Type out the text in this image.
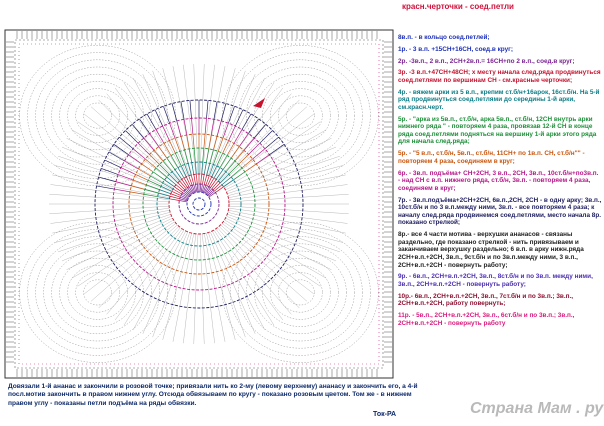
красн.черточки - соед.петли
8в.п. - в кольцо соед.петлей;
1р. - 3 в.п. +15СН+16СН, соед.в круг;
2р. -3в.п., 2 в.п., 2СН+2в.п.= 16СН+по 2 в.п., соед.в круг;
3р. -3 в.п.+47СН+48СН; х месту начала след.ряда продвинуться соед.петлями по вершинам СН - см.красные черточки;
4р. - вяжем арки из 5 в.п., крепим ст.б/н+16арок, 16ст.б/н. На 5-й ряд продвинуться соед.петлями до середины 1-й арки, см.красн.черт.
5р. - "арка из 5в.п., ст.б/н, арка 5в.п., ст.б/н, 12СН внутрь арки нижнего ряда " - повторяем 4 раза, провязав 12-й СН в конце ряда соед.петлями подняться на вершину 1-й арки этого ряда для начала след.ряда;
5р. - "5 в.п., ст.б/н, 5в.п., ст.б/н, 11СН+ по 1в.п. СН, ст.б/н"" - повторяем 4 раза, соединяем в круг;
6р. - 3в.п. подъёма+ СН+2СН, 3 в.п., 2СН, 3в.п., 10ст.б/н+по3в.п. - над СН с в.п. нижнего ряда, ст.б/н, 3в.п. - повторяем 4 раза, соединяем в круг;
7р. - 3в.п.подъёма+2СН+2СН, 6в.п.,2СН, 2СН - в одну арку; 3в.п., 10ст.б/н и по 3 в.п.между ними, 3в.п. - все повторяем 4 раза; к началу след.ряда продвинемся соед.петлями, место начала 8р. показано стрелкой;
8р.- все 4 части мотива - верхушки ананасов - связаны раздельно, где показано стрелкой - нить привязываем и заканчиваем верхушку раздельно; 6 в.п. в арку нижн.ряда 2СН+в.п.+2СН, 3в.п., 9ст.б/н и по 3в.п.между ними, 3 в.п., 2СН+в.п.+2СН - повернуть работу;
9р. - 6в.п., 2СН+в.п.+2СН, 3в.п., 8ст.б/н и по 3в.п. между ними, 3в.п., 2СН+в.п.+2СН - повернуть работу;
10р.- 6в.п., 2СН+в.п.+2СН, 3в.п., 7ст.б/н и по 3в.п.; 3в.п., 2СН+в.п.+2СН, работу повернуть;
11р. - 5в.п., 2СН+в.п.+2СН, 3в.п., 6ст.б/н и по 3в.п.; 3в.п., 2СН+в.п.+2СН - повернуть работу
Довязали 1-й ананас и закончили в розовой точке; привязали нить ко 2-му (левому верхнему) ананасу и закончить его, а 4-й посл.мотив закончить в правом нижнем углу. Отсюда обвязываем по кругу - показано розовым цветом. Том же - в нижнем правом углу - показаны петли подъёма на ряды обвязки.
Ток-РА	Страна Мам . ру
